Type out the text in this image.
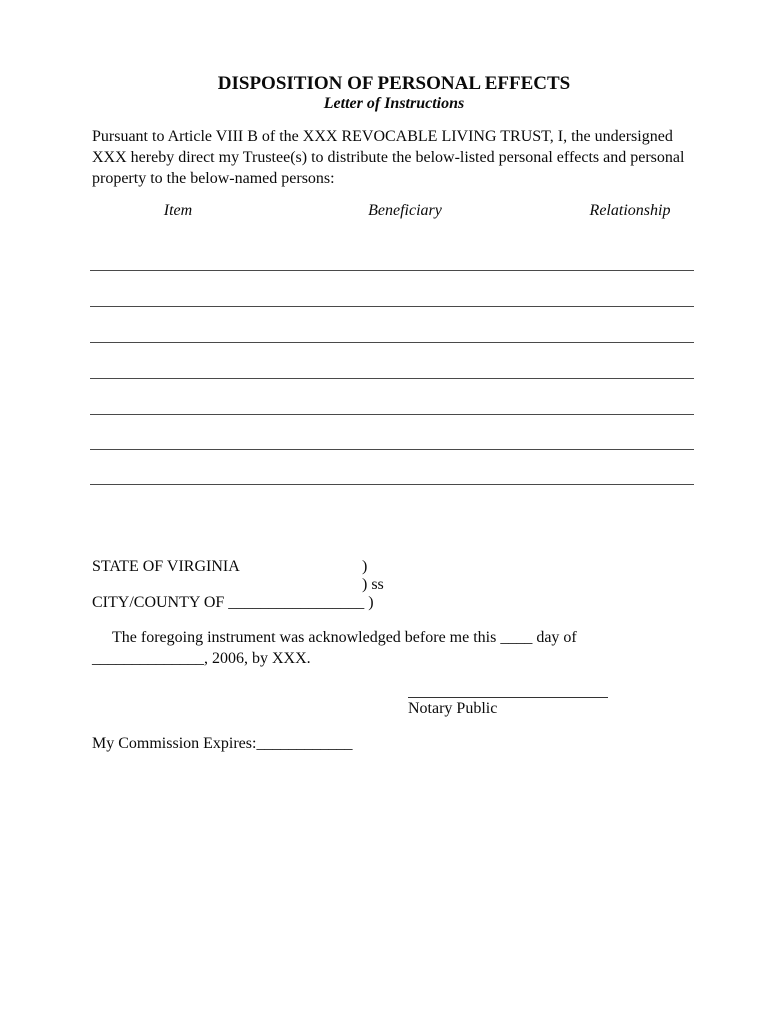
DISPOSITION OF PERSONAL EFFECTS
Letter of Instructions

Pursuant to Article VIII B of the XXX REVOCABLE LIVING TRUST, I, the undersigned XXX hereby direct my Trustee(s) to distribute the below-listed personal effects and personal property to the below-named persons:

Item	Beneficiary	Relationship
STATE OF VIRGINIA	)
) ss
CITY/COUNTY OF _________________ )

The foregoing instrument was acknowledged before me this ____ day of ______________, 2006, by XXX.

Notary Public
My Commission Expires:____________
